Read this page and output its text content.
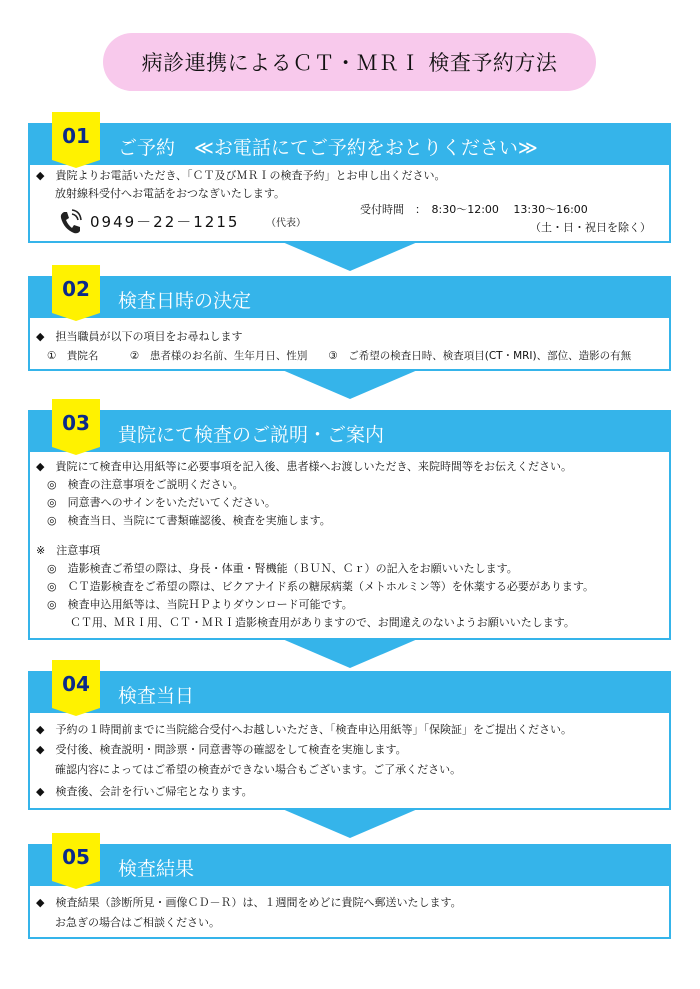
病診連携によるＣＴ・ＭＲＩ 検査予約方法
ご予約　≪お電話にてご予約をおとりください≫
01
◆　貴院よりお電話いただき、「ＣＴ及びＭＲＩの検査予約」とお申し出ください。
放射線科受付へお電話をおつなぎいたします。
0949－22－1215	（代表）
受付時間　：　8:30～12:00　 13:30～16:00
（土・日・祝日を除く）
検査日時の決定
02
◆　担当職員が以下の項目をお尋ねします
①　貴院名　　　②　患者様のお名前、生年月日、性別　　③　ご希望の検査日時、検査項目(CT・MRI)、部位、造影の有無
貴院にて検査のご説明・ご案内
03
◆　貴院にて検査申込用紙等に必要事項を記入後、患者様へお渡しいただき、来院時間等をお伝えください。
◎　検査の注意事項をご説明ください。
◎　同意書へのサインをいただいてください。
◎　検査当日、当院にて書類確認後、検査を実施します。
※　注意事項
◎　造影検査ご希望の際は、身長・体重・腎機能（ＢＵＮ、Ｃｒ）の記入をお願いいたします。
◎　ＣＴ造影検査をご希望の際は、ビクアナイド系の糖尿病薬（メトホルミン等）を休薬する必要があります。
◎　検査申込用紙等は、当院ＨＰよりダウンロード可能です。
ＣＴ用、ＭＲＩ用、ＣＴ・ＭＲＩ造影検査用がありますので、お間違えのないようお願いいたします。
検査当日
04
◆　予約の１時間前までに当院総合受付へお越しいただき、「検査申込用紙等」「保険証」をご提出ください。
◆　受付後、検査説明・問診票・同意書等の確認をして検査を実施します。
確認内容によってはご希望の検査ができない場合もございます。ご了承ください。
◆　検査後、会計を行いご帰宅となります。
検査結果
05
◆　検査結果（診断所見・画像ＣＤ－Ｒ）は、１週間をめどに貴院へ郵送いたします。
お急ぎの場合はご相談ください。
